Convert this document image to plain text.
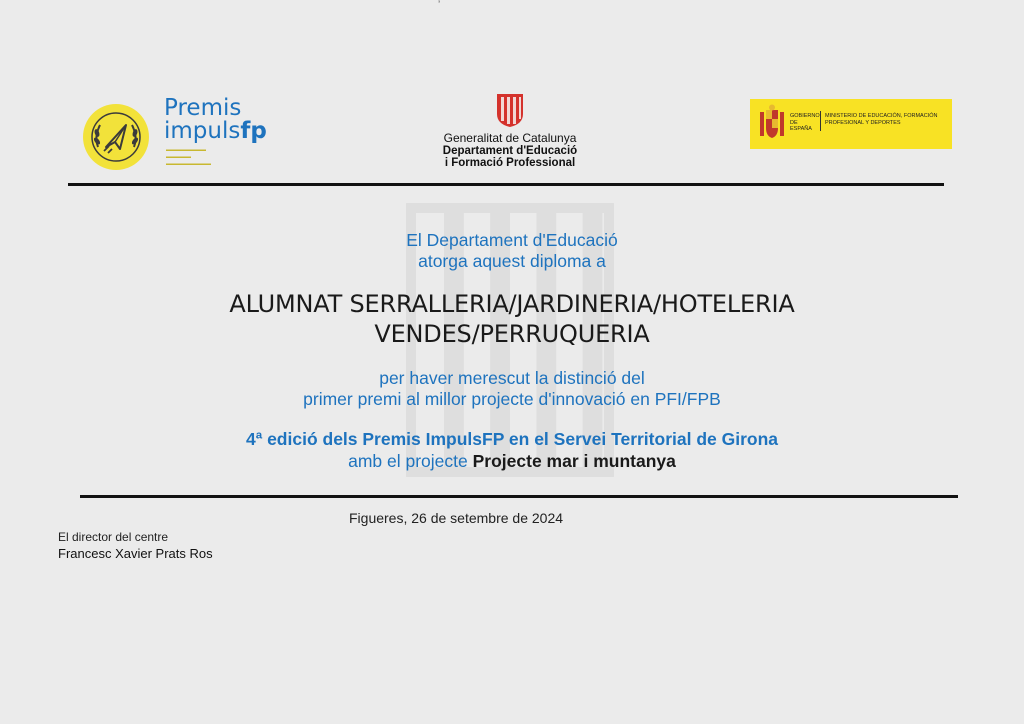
ʼ
Premis
impulsfp
▬▬▬▬▬▬▬▬
▬▬▬▬▬
▬▬▬▬▬▬▬▬▬
Generalitat de Catalunya
Departament d'Educació
i Formació Professional
GOBIERNO DE ESPAÑA
MINISTERIO DE EDUCACIÓN, FORMACIÓN PROFESIONAL Y DEPORTES
El Departament d'Educació
atorga aquest diploma a
ALUMNAT SERRALLERIA/JARDINERIA/HOTELERIA
VENDES/PERRUQUERIA
per haver merescut la distinció del
primer premi al millor projecte d'innovació en PFI/FPB
4ª edició dels Premis ImpulsFP en el Servei Territorial de Girona
amb el projecte Projecte mar i muntanya
Figueres, 26 de setembre de 2024
El director del centre
Francesc Xavier Prats Ros
